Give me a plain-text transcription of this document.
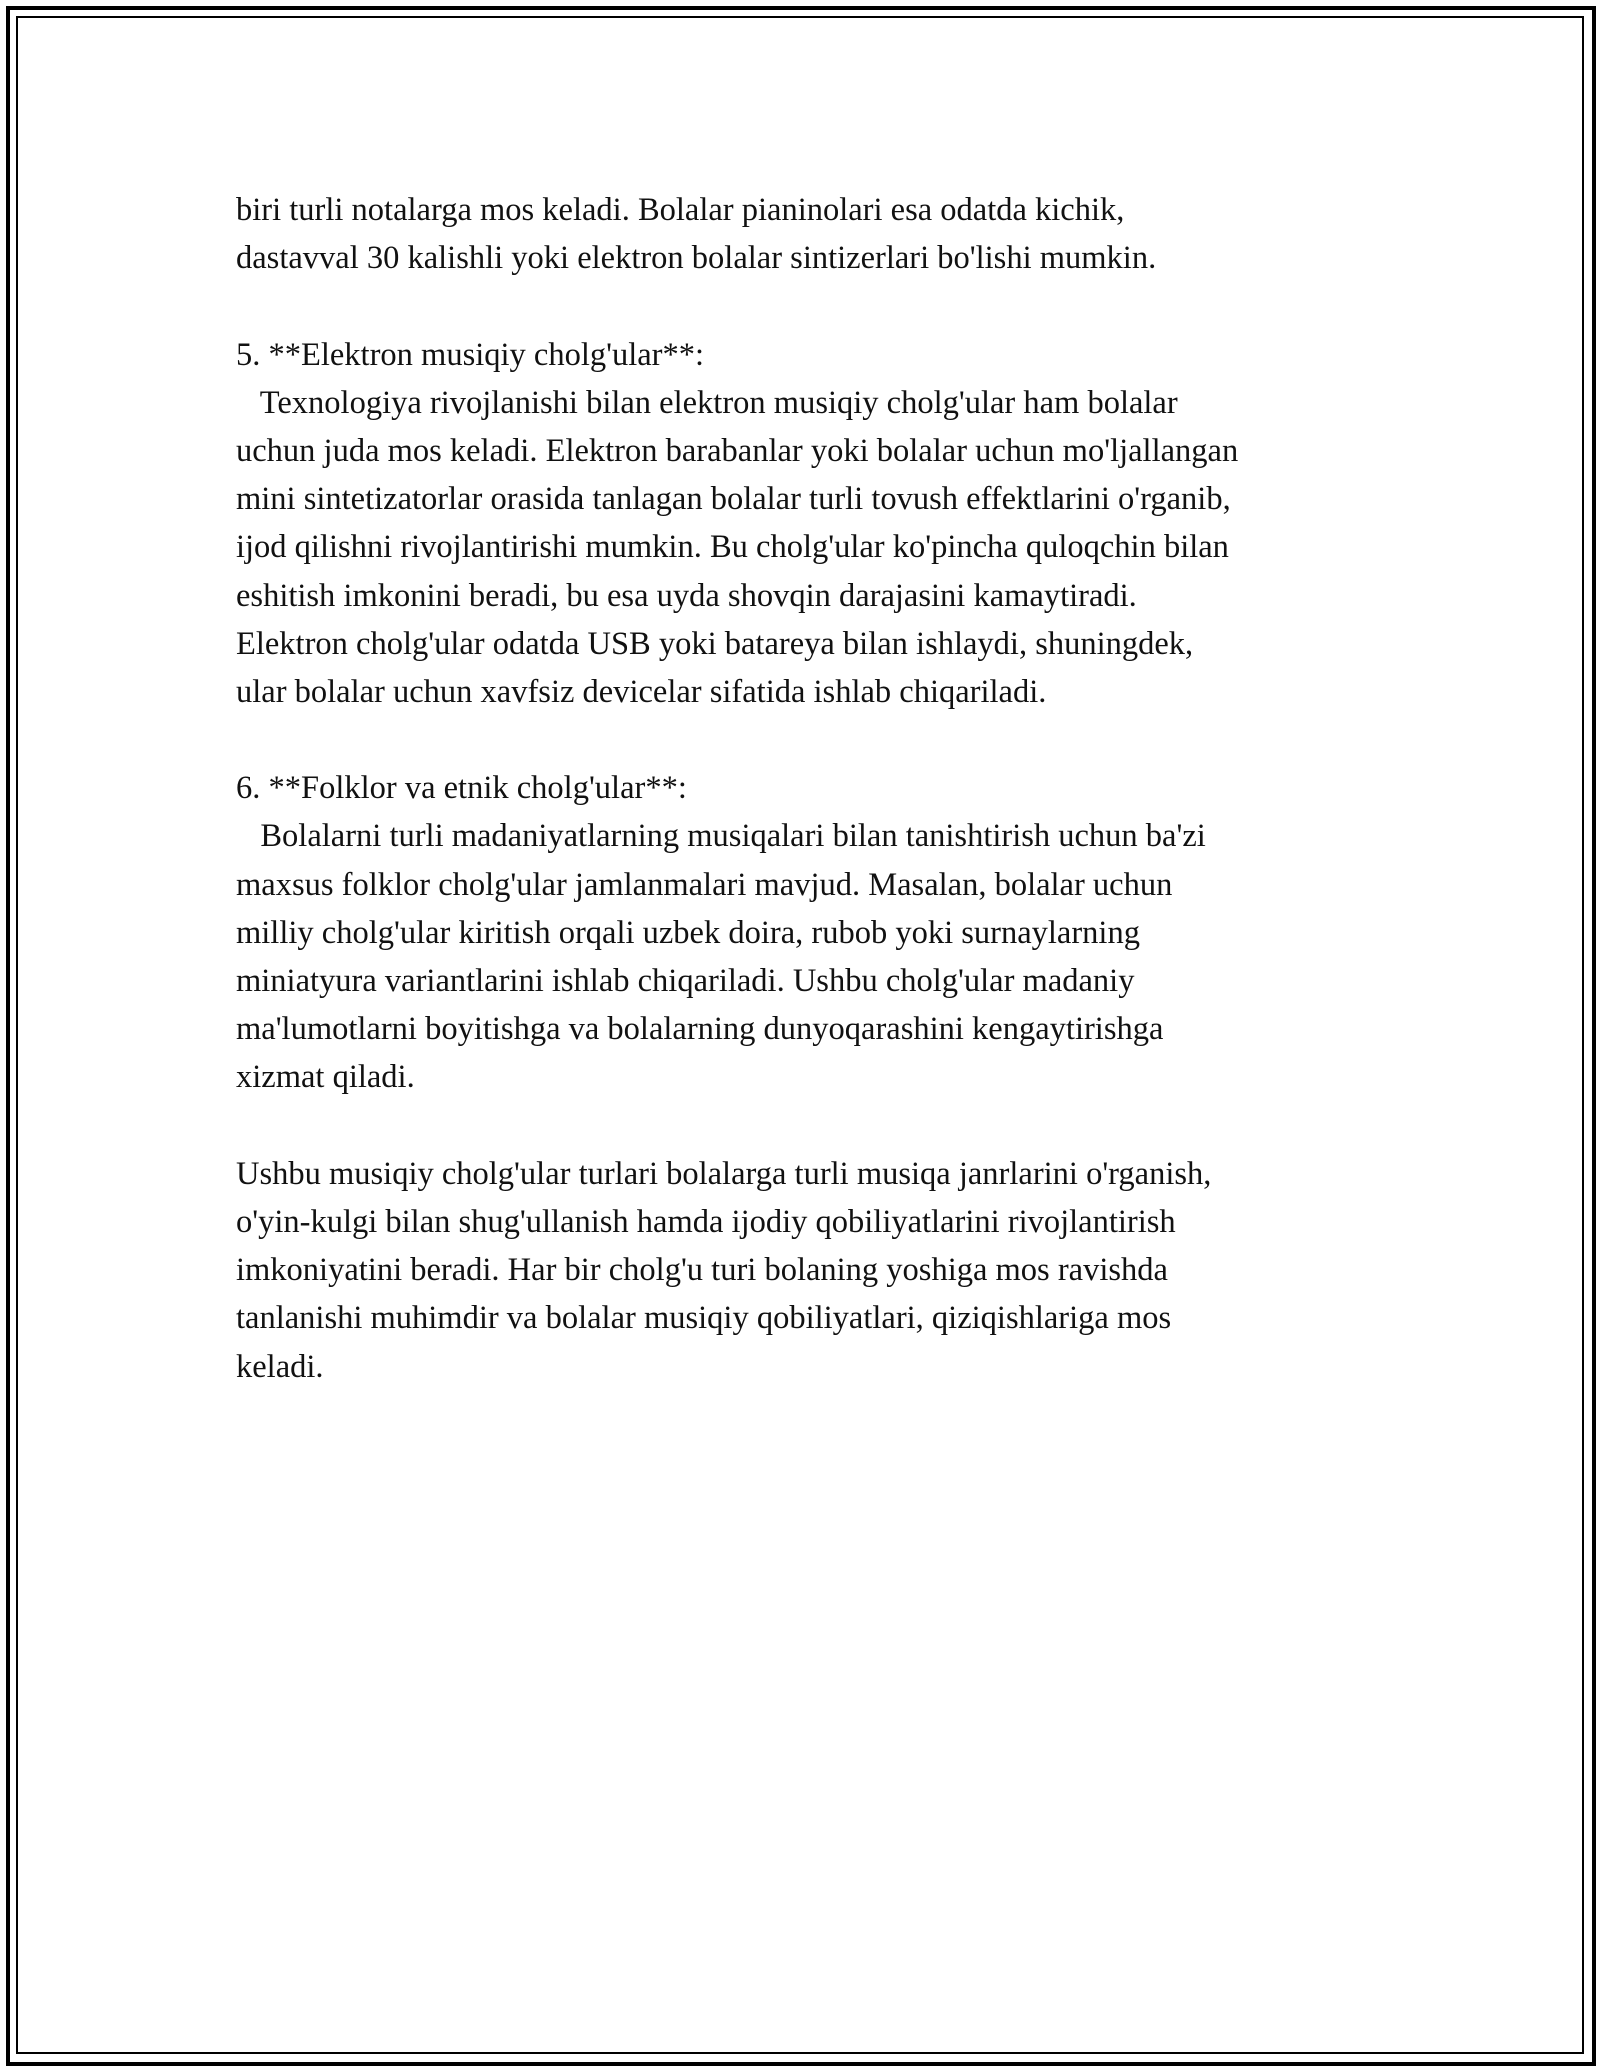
biri turli notalarga mos keladi. Bolalar pianinolari esa odatda kichik,
dastavval 30 kalishli yoki elektron bolalar sintizerlari bo'lishi mumkin.
5. **Elektron musiqiy cholg'ular**:
Texnologiya rivojlanishi bilan elektron musiqiy cholg'ular ham bolalar
uchun juda mos keladi. Elektron barabanlar yoki bolalar uchun mo'ljallangan
mini sintetizatorlar orasida tanlagan bolalar turli tovush effektlarini o'rganib,
ijod qilishni rivojlantirishi mumkin. Bu cholg'ular ko'pincha quloqchin bilan
eshitish imkonini beradi, bu esa uyda shovqin darajasini kamaytiradi.
Elektron cholg'ular odatda USB yoki batareya bilan ishlaydi, shuningdek,
ular bolalar uchun xavfsiz devicelar sifatida ishlab chiqariladi.
6. **Folklor va etnik cholg'ular**:
Bolalarni turli madaniyatlarning musiqalari bilan tanishtirish uchun ba'zi
maxsus folklor cholg'ular jamlanmalari mavjud. Masalan, bolalar uchun
milliy cholg'ular kiritish orqali uzbek doira, rubob yoki surnaylarning
miniatyura variantlarini ishlab chiqariladi. Ushbu cholg'ular madaniy
ma'lumotlarni boyitishga va bolalarning dunyoqarashini kengaytirishga
xizmat qiladi.
Ushbu musiqiy cholg'ular turlari bolalarga turli musiqa janrlarini o'rganish,
o'yin-kulgi bilan shug'ullanish hamda ijodiy qobiliyatlarini rivojlantirish
imkoniyatini beradi. Har bir cholg'u turi bolaning yoshiga mos ravishda
tanlanishi muhimdir va bolalar musiqiy qobiliyatlari, qiziqishlariga mos
keladi.
